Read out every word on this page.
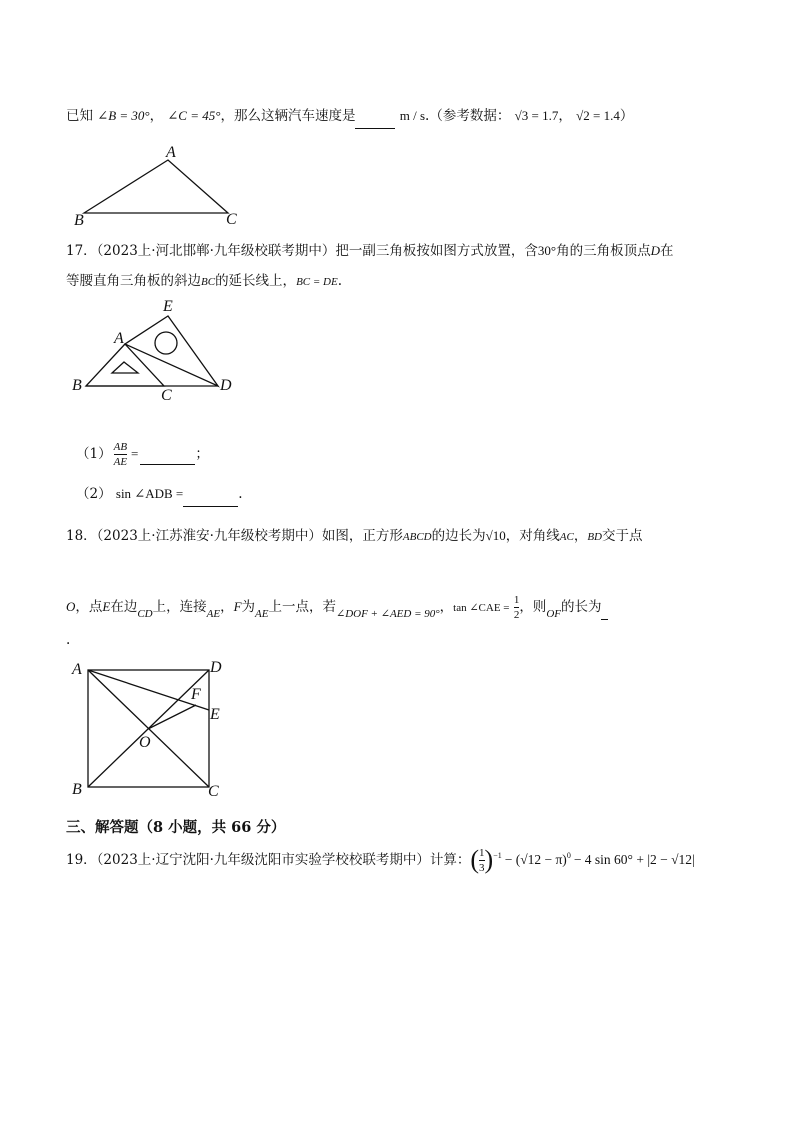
已知 ∠B = 30°， ∠C = 45°，那么这辆汽车速度是	m / s.（参考数据： √3 = 1.7， √2 = 1.4）
A
B	C
17．（2023上·河北邯郸·九年级校联考期中）把一副三角板按如图方式放置，含30°角的三角板顶点D在
等腰直角三角板的斜边BC的延长线上，BC = DE.
E
A
B
C
D
$(1) \frac{AB}{AE}$ =
	；
（2） sin ∠ADB =	.
18．（2023上·江苏淮安·九年级校考期中）如图，正方形ABCD的边长为√10，对角线AC，BD交于点
O，点E在边$_{CD}$上，连接$_{AE}$，F为$_{AE}$上一点，若$_{\angle DOF + \angle AED = 90^\circ}$，tan ∠CAE = $\frac{1}{2}$ ，则$_{OF}$的长为
.
A	D
F
E
O
B	C
三、解答题（8 小题，共 66 分）
19．（2023上·辽宁沈阳·九年级沈阳市实验学校校联考期中）计算： ( $\frac{1}{3} )^{-1} - (√12 - \pi)^0 - 4$ sin 60° + |2 − √12|
